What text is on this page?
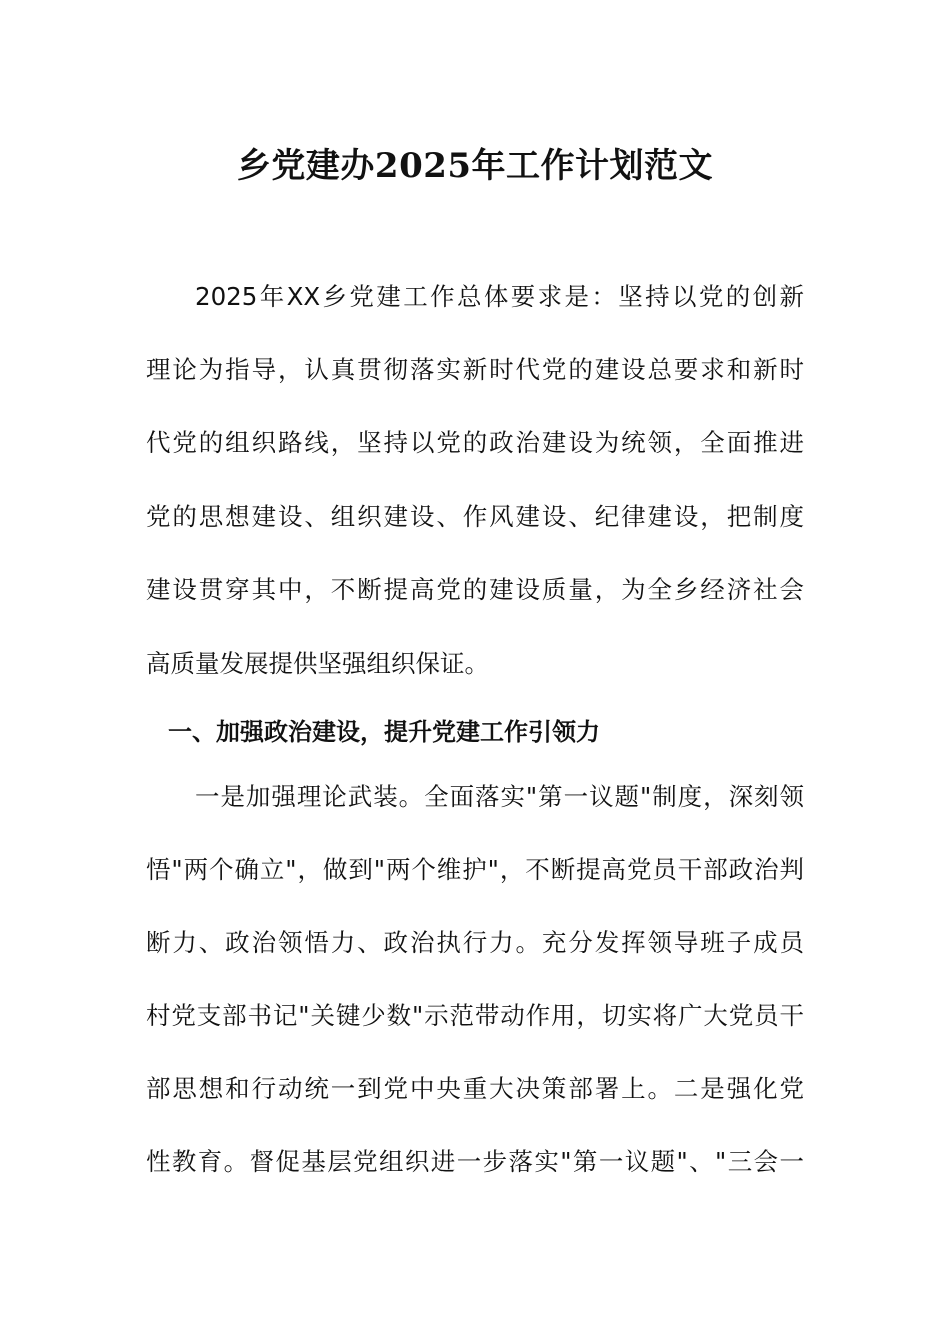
乡党建办2025年工作计划范文
2025年XX乡党建工作总体要求是：坚持以党的创新
理论为指导，认真贯彻落实新时代党的建设总要求和新时
代党的组织路线，坚持以党的政治建设为统领，全面推进
党的思想建设、组织建设、作风建设、纪律建设，把制度
建设贯穿其中，不断提高党的建设质量，为全乡经济社会
高质量发展提供坚强组织保证。
一、加强政治建设，提升党建工作引领力
一是加强理论武装。全面落实"第一议题"制度，深刻领
悟"两个确立"，做到"两个维护"，不断提高党员干部政治判
断力、政治领悟力、政治执行力。充分发挥领导班子成员
村党支部书记"关键少数"示范带动作用，切实将广大党员干
部思想和行动统一到党中央重大决策部署上。二是强化党
性教育。督促基层党组织进一步落实"第一议题"、"三会一
